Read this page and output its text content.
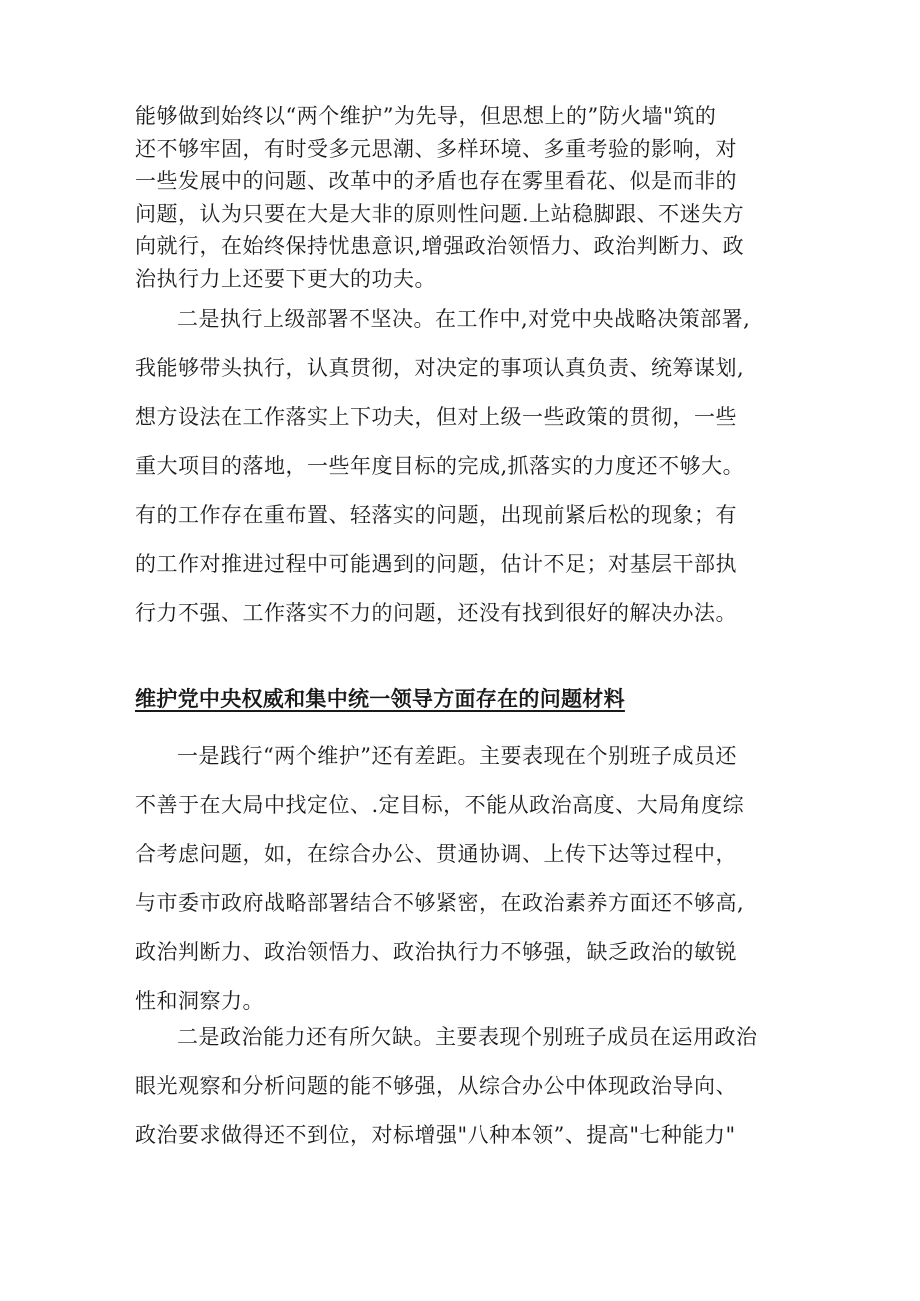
能够做到始终以“两个维护”为先导，但思想上的”防火墙"筑的
还不够牢固，有时受多元思潮、多样环境、多重考验的影响，对
一些发展中的问题、改革中的矛盾也存在雾里看花、似是而非的
问题，认为只要在大是大非的原则性问题.上站稳脚跟、不迷失方
向就行，在始终保持忧患意识,增强政治领悟力、政治判断力、政
治执行力上还要下更大的功夫。
二是执行上级部署不坚决。在工作中,对党中央战略决策部署,
我能够带头执行，认真贯彻，对决定的事项认真负责、统筹谋划,
想方设法在工作落实上下功夫，但对上级一些政策的贯彻，一些
重大项目的落地，一些年度目标的完成,抓落实的力度还不够大。
有的工作存在重布置、轻落实的问题，出现前紧后松的现象；有
的工作对推进过程中可能遇到的问题，估计不足；对基层干部执
行力不强、工作落实不力的问题，还没有找到很好的解决办法。
维护党中央权威和集中统一领导方面存在的问题材料
一是践行“两个维护”还有差距。主要表现在个别班子成员还
不善于在大局中找定位、.定目标，不能从政治高度、大局角度综
合考虑问题，如，在综合办公、贯通协调、上传下达等过程中，
与市委市政府战略部署结合不够紧密，在政治素养方面还不够高,
政治判断力、政治领悟力、政治执行力不够强，缺乏政治的敏锐
性和洞察力。
二是政治能力还有所欠缺。主要表现个别班子成员在运用政治
眼光观察和分析问题的能不够强，从综合办公中体现政治导向、
政治要求做得还不到位，对标增强"八种本领”、提高"七种能力"
